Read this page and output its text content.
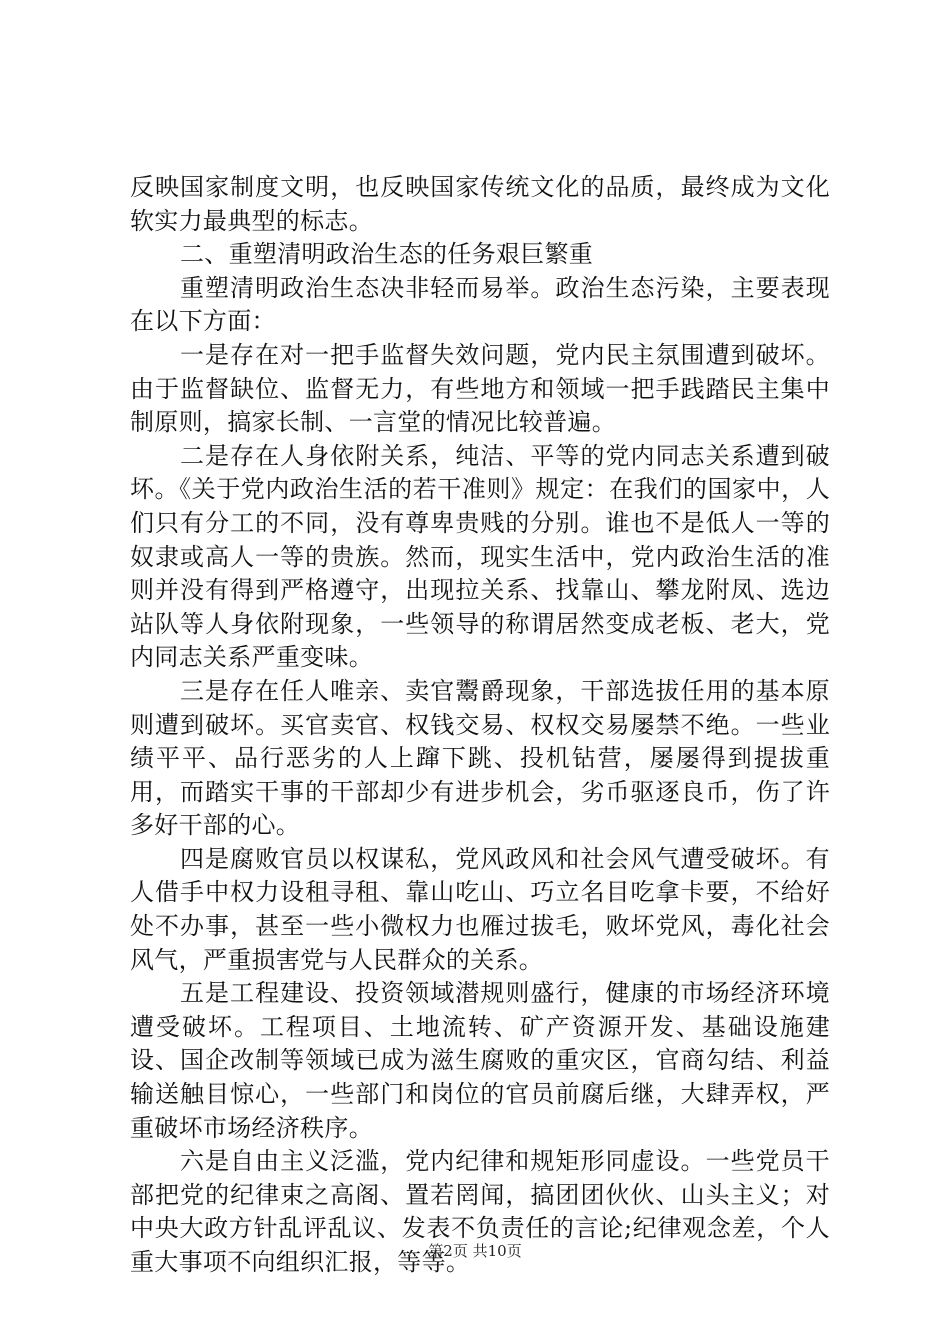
反映国家制度文明，也反映国家传统文化的品质，最终成为文化软实力最典型的标志。

二、重塑清明政治生态的任务艰巨繁重

重塑清明政治生态决非轻而易举。政治生态污染，主要表现在以下方面：

一是存在对一把手监督失效问题，党内民主氛围遭到破坏。由于监督缺位、监督无力，有些地方和领域一把手践踏民主集中制原则，搞家长制、一言堂的情况比较普遍。

二是存在人身依附关系，纯洁、平等的党内同志关系遭到破坏。《关于党内政治生活的若干准则》规定：在我们的国家中，人们只有分工的不同，没有尊卑贵贱的分别。谁也不是低人一等的奴隶或高人一等的贵族。然而，现实生活中，党内政治生活的准则并没有得到严格遵守，出现拉关系、找靠山、攀龙附凤、选边站队等人身依附现象，一些领导的称谓居然变成老板、老大，党内同志关系严重变味。

三是存在任人唯亲、卖官鬻爵现象，干部选拔任用的基本原则遭到破坏。买官卖官、权钱交易、权权交易屡禁不绝。一些业绩平平、品行恶劣的人上蹿下跳、投机钻营，屡屡得到提拔重用，而踏实干事的干部却少有进步机会，劣币驱逐良币，伤了许多好干部的心。

四是腐败官员以权谋私，党风政风和社会风气遭受破坏。有人借手中权力设租寻租、靠山吃山、巧立名目吃拿卡要，不给好处不办事，甚至一些小微权力也雁过拔毛，败坏党风，毒化社会风气，严重损害党与人民群众的关系。

五是工程建设、投资领域潜规则盛行，健康的市场经济环境遭受破坏。工程项目、土地流转、矿产资源开发、基础设施建设、国企改制等领域已成为滋生腐败的重灾区，官商勾结、利益输送触目惊心，一些部门和岗位的官员前腐后继，大肆弄权，严重破坏市场经济秩序。

六是自由主义泛滥，党内纪律和规矩形同虚设。一些党员干部把党的纪律束之高阁、置若罔闻，搞团团伙伙、山头主义；对中央大政方针乱评乱议、发表不负责任的言论;纪律观念差，个人重大事项不向组织汇报，等等。

第2页 共10页
